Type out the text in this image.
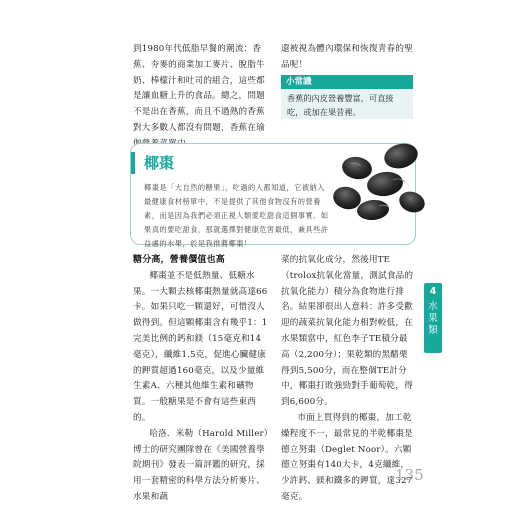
到1980年代低脂早餐的潮流：香蕉、夯麥的商業加工麥片、脫脂牛奶、棒檬汁和吐司的組合，這些都是讓血糖上升的食品。總之，問題不是出在香蕉，而且不過熟的香蕉對大多數人都沒有問題，香蕉在瑜

還被視為體內環保和恢復青春的聖品呢！

小常識
香蕉的內皮營養豐富，可直接吃，或加在果昔裡。
椰棗
椰棗是「大自然的糖果」，吃過的人都知道，它被納入最健康食材榜單中，不是提供了其他食物沒有的營養素，而是因為我們必須正視人類愛吃甜食這個事實。如果真的要吃甜食，那就選擇對健康危害最低，兼具些許益處的水果，於是我推薦椰棗！

糖分高，營養價值也高

椰棗並不是低熱量、低糖水果。一大顆去核椰棗熱量就高達66卡。如果只吃一顆還好，可惜沒人做得到。但這顆椰棗含有幾乎1：1完美比例的鈣和鎂（15毫克和14毫克），纖維1.5克，促進心臟健康的鉀質超過160毫克，以及少量維生素A、六種其他維生素和礦物質。一般糖果是不會有這些東西的。

哈洛．米勒（Harold Miller）博士的研究團隊曾在《美國營養學院期刊》發表一篇評鑑的研究，採用一套精密的科學方法分析麥片、水果和蔬

菜的抗氧化成分，然後用TE（trolox抗氧化當量，測試食品的抗氧化能力）積分為食物進行排名。結果卻很出人意料：許多受歡迎的蔬菜抗氧化能力相對較低，在水果類當中，紅色李子TE積分最高（2,200分）；果乾類的黑醋栗得到5,500分，而在整個TE計分中，椰棗打敗強勁對手葡萄乾，得到6,600分。

市面上買得到的椰棗，加工乾燥程度不一，最常見的半乾椰棗是德立努棗（Deglet Noor）。六顆德立努棗有140大卡，4克纖維，少許鈣、鎂和鐵多的鉀質，達327毫克。

4
水果類
135
